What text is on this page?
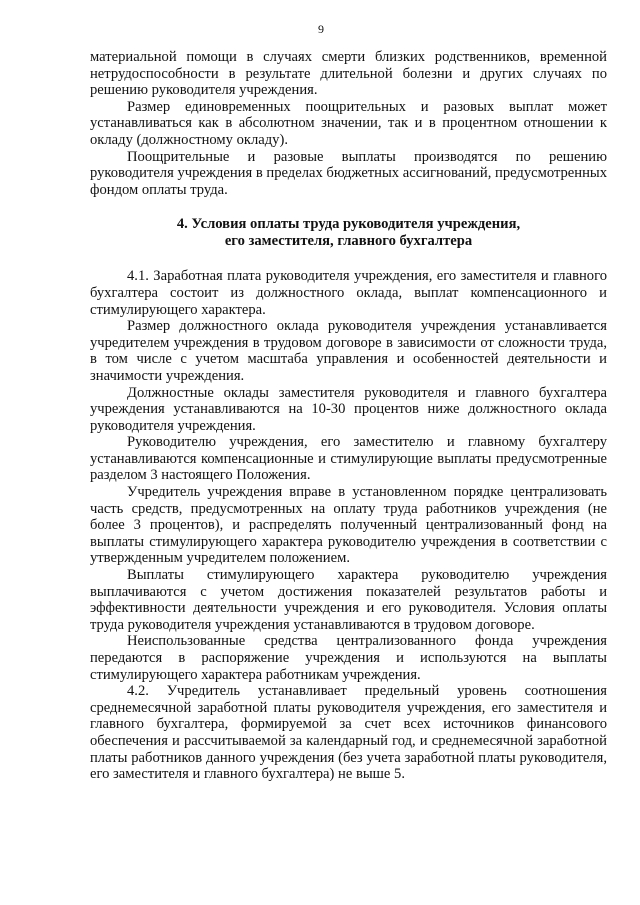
9

материальной помощи в случаях смерти близких родственников, временной нетрудоспособности в результате длительной болезни и других случаях по решению руководителя учреждения.

Размер единовременных поощрительных и разовых выплат может устанавливаться как в абсолютном значении, так и в процентном отношении к окладу (должностному окладу).

Поощрительные и разовые выплаты производятся по решению руководителя учреждения в пределах бюджетных ассигнований, предусмотренных фондом оплаты труда.

4. Условия оплаты труда руководителя учреждения,
его заместителя, главного бухгалтера

4.1. Заработная плата руководителя учреждения, его заместителя и главного бухгалтера состоит из должностного оклада, выплат компенсационного и стимулирующего характера.

Размер должностного оклада руководителя учреждения устанавливается учредителем учреждения в трудовом договоре в зависимости от сложности труда, в том числе с учетом масштаба управления и особенностей деятельности и значимости учреждения.

Должностные оклады заместителя руководителя и главного бухгалтера учреждения устанавливаются на 10-30 процентов ниже должностного оклада руководителя учреждения.

Руководителю учреждения, его заместителю и главному бухгалтеру устанавливаются компенсационные и стимулирующие выплаты предусмотренные разделом 3 настоящего Положения.

Учредитель учреждения вправе в установленном порядке централизовать часть средств, предусмотренных на оплату труда работников учреждения (не более 3 процентов), и распределять полученный централизованный фонд на выплаты стимулирующего характера руководителю учреждения в соответствии с утвержденным учредителем положением.

Выплаты стимулирующего характера руководителю учреждения выплачиваются с учетом достижения показателей результатов работы и эффективности деятельности учреждения и его руководителя. Условия оплаты труда руководителя учреждения устанавливаются в трудовом договоре.

Неиспользованные средства централизованного фонда учреждения передаются в распоряжение учреждения и используются на выплаты стимулирующего характера работникам учреждения.

4.2. Учредитель устанавливает предельный уровень соотношения среднемесячной заработной платы руководителя учреждения, его заместителя и главного бухгалтера, формируемой за счет всех источников финансового обеспечения и рассчитываемой за календарный год, и среднемесячной заработной платы работников данного учреждения (без учета заработной платы руководителя, его заместителя и главного бухгалтера) не выше 5.
